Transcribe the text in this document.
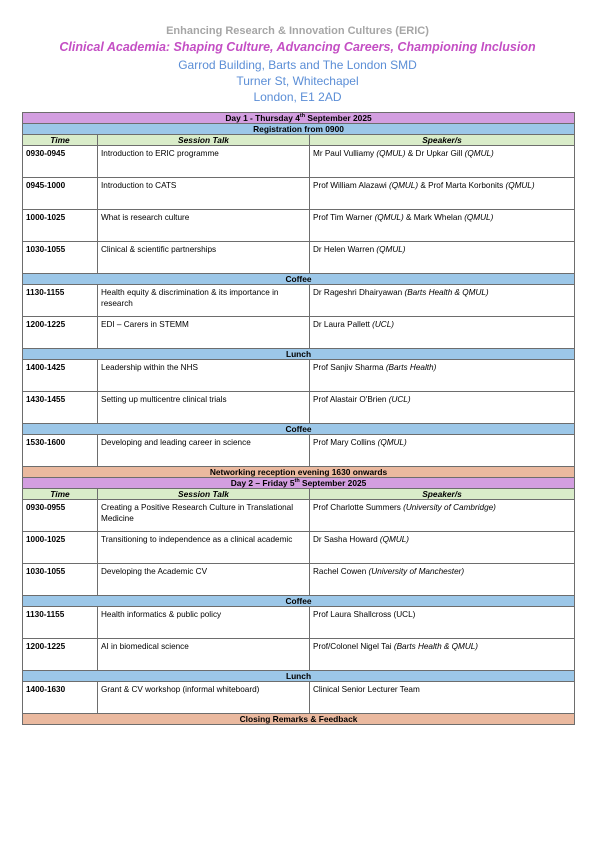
Enhancing Research & Innovation Cultures (ERIC)
Clinical Academia: Shaping Culture, Advancing Careers, Championing Inclusion
Garrod Building, Barts and The London SMD
Turner St, Whitechapel
London, E1 2AD
Day 1 - Thursday 4th September 2025		
Registration from 0900		
Time	Session Talk	Speaker/s
0930-0945	Introduction to ERIC programme	Mr Paul Vulliamy (QMUL) & Dr Upkar Gill (QMUL)
0945-1000	Introduction to CATS	Prof William Alazawi (QMUL) & Prof Marta Korbonits (QMUL)
1000-1025	What is research culture	Prof Tim Warner (QMUL) & Mark Whelan (QMUL)
1030-1055	Clinical & scientific partnerships	Dr Helen Warren (QMUL)
Coffee		
1130-1155	Health equity & discrimination & its importance in research	Dr Rageshri Dhairyawan (Barts Health & QMUL)
1200-1225	EDI – Carers in STEMM	Dr Laura Pallett (UCL)
Lunch		
1400-1425	Leadership within the NHS	Prof Sanjiv Sharma (Barts Health)
1430-1455	Setting up multicentre clinical trials	Prof Alastair O'Brien (UCL)
Coffee		
1530-1600	Developing and leading career in science	Prof Mary Collins (QMUL)
Networking reception evening 1630 onwards		
Day 2 – Friday 5th September 2025		
Time	Session Talk	Speaker/s
0930-0955	Creating a Positive Research Culture in Translational Medicine	Prof Charlotte Summers (University of Cambridge)
1000-1025	Transitioning to independence as a clinical academic	Dr Sasha Howard (QMUL)
1030-1055	Developing the Academic CV	Rachel Cowen (University of Manchester)
Coffee		
1130-1155	Health informatics & public policy	Prof Laura Shallcross (UCL)
1200-1225	AI in biomedical science	Prof/Colonel Nigel Tai (Barts Health & QMUL)
Lunch		
1400-1630	Grant & CV workshop (informal whiteboard)	Clinical Senior Lecturer Team
Closing Remarks & Feedback		
